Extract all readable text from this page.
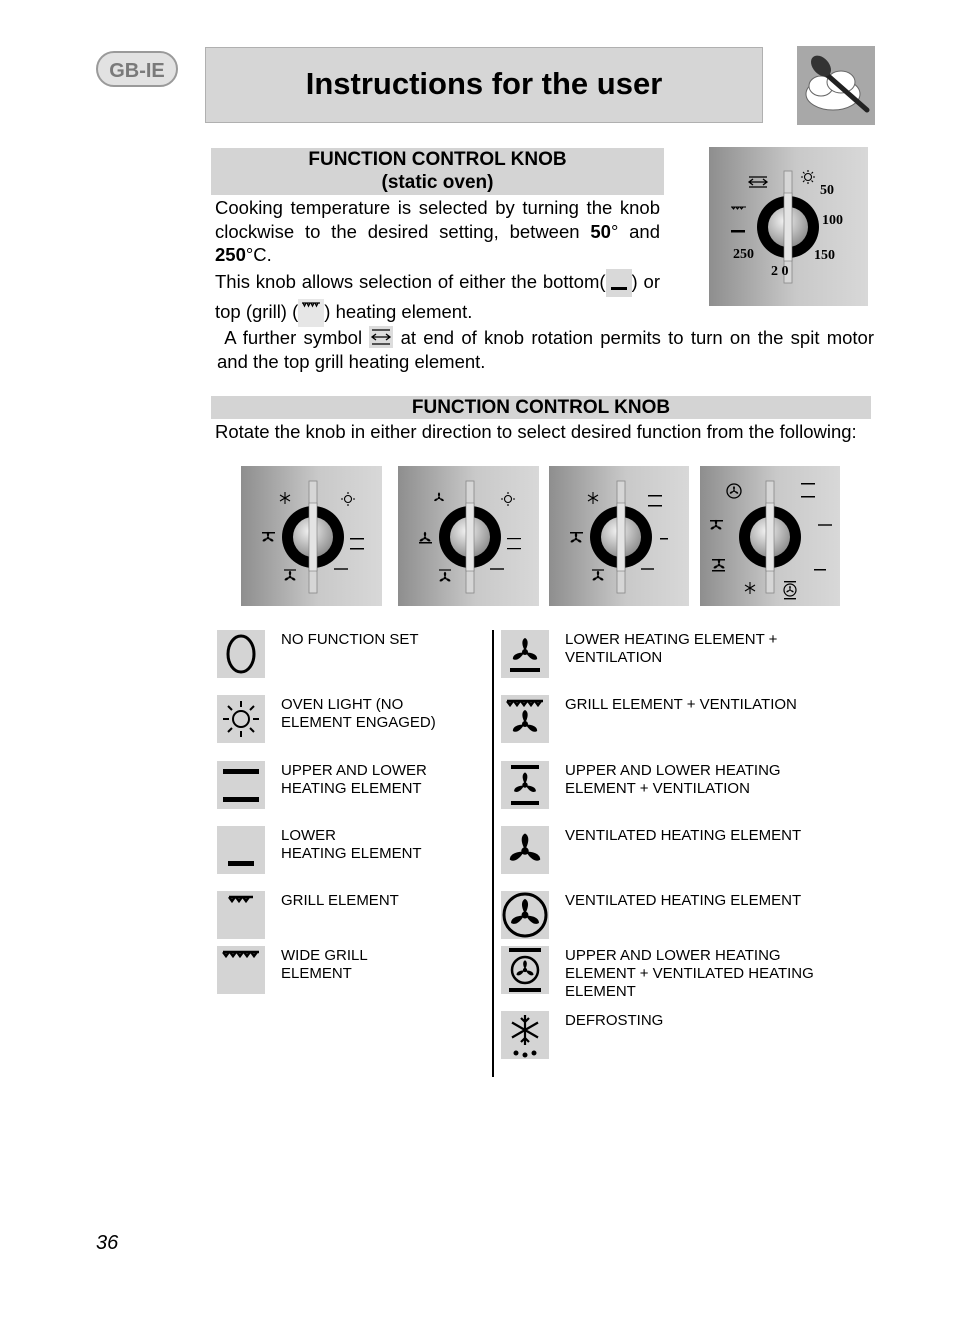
GB-IE	Instructions for the user
FUNCTION CONTROL KNOB
(static oven)
Cooking temperature is selected by turning the knob clockwise to the desired setting, between 50° and 250°C.
This knob allows selection of either the bottom( ) or top (grill) ( ) heating element.
A further symbol at end of knob rotation permits to turn on the spit motor and the top grill heating element.
50
100
150
2 0
250
FUNCTION CONTROL KNOB
Rotate the knob in either direction to select desired function from the following:
NO FUNCTION SET
OVEN LIGHT (NO
ELEMENT ENGAGED)
UPPER AND LOWER
HEATING ELEMENT
LOWER
HEATING ELEMENT
GRILL ELEMENT
WIDE GRILL
ELEMENT
LOWER HEATING ELEMENT +
VENTILATION
GRILL ELEMENT + VENTILATION
UPPER AND LOWER HEATING
ELEMENT + VENTILATION
VENTILATED HEATING ELEMENT
VENTILATED HEATING ELEMENT
UPPER AND LOWER HEATING
ELEMENT + VENTILATED HEATING
ELEMENT
DEFROSTING
36
